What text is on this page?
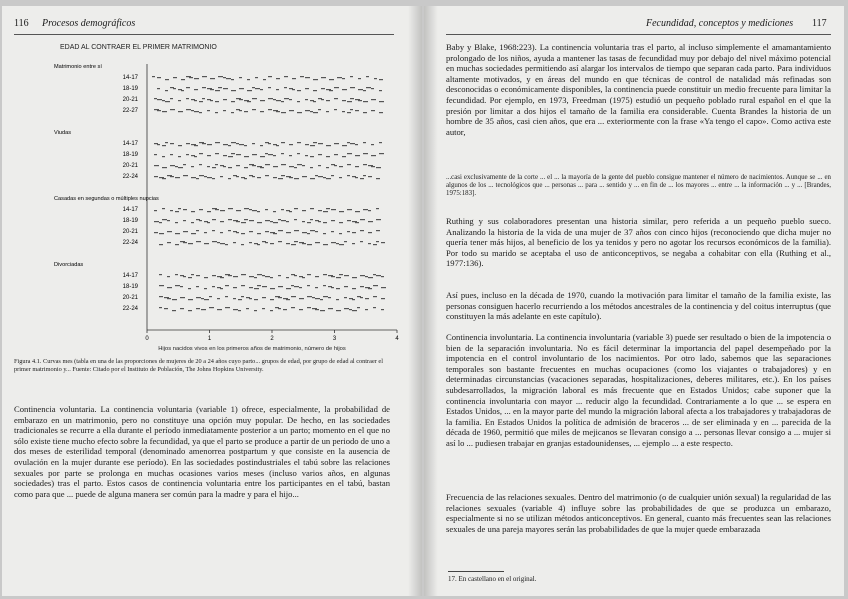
116 Procesos demográficos
EDAD AL CONTRAER EL PRIMER MATRIMONIO
Matrimonio entre sí
14-17
18-19
20-21
22-27
Viudas
14-17
18-19
20-21
22-24
Casadas en segundas o múltiples nupcias
14-17
18-19
20-21
22-24
Divorciadas
14-17
18-19
20-21
22-24
0	1	2	3	4
Hijos nacidos vivos en los primeros años de matrimonio, número de hijos

Figura 4.1. Curvas mes (tabla en una de las proporciones de mujeres de 20 a 24 años cuyo parto... grupos de edad, por grupo de edad al contraer el primer matrimonio y... Fuente: Citado por el Instituto de Población, The Johns Hopkins University.

Continencia voluntaria. La continencia voluntaria (variable 1) ofrece, especialmente, la probabilidad de embarazo en un matrimonio, pero no constituye una opción muy popular. De hecho, en las sociedades tradicionales se recurre a ella durante el período inmediatamente posterior a un parto; momento en el que no sólo existe tiene mucho efecto sobre la fecundidad, ya que el parto se produce a partir de un periodo de uno a dos meses de esterilidad temporal (denominado amenorrea postpartum y que consiste en la ausencia de ovulación en la mujer durante ese período). En las sociedades postindustriales el tabú sobre las relaciones sexuales por parte se prolonga en muchas ocasiones varios meses (incluso varios años, en algunas sociedades) tras el parto. Estos casos de continencia voluntaria entre los participantes en el tabú, bastan como para que ... puede de alguna manera ser común para la madre y para el hijo...

Fecundidad, conceptos y mediciones 117

Baby y Blake, 1968:223). La continencia voluntaria tras el parto, al incluso simplemente el amamantamiento prolongado de los niños, ayuda a mantener las tasas de fecundidad muy por debajo del nivel máximo potencial en muchas sociedades permitiendo así alargar los intervalos de tiempo que separan cada parto. Para individuos altamente motivados, y en áreas del mundo en que técnicas de control de natalidad más refinadas son desconocidas o económicamente disponibles, la continencia puede constituir un medio frecuente para limitar la fecundidad. Por ejemplo, en 1973, Freedman (1975) estudió un pequeño poblado rural español en el que la presión por limitar a dos hijos el tamaño de la familia era considerable. Cuenta Brandes la historia de un hombre de 35 años, casi cien años, que era ... exteriormente con la frase «Ya tengo el capo». Como activa este autor,

...casi exclusivamente de la corte ... el ... la mayoría de la gente del pueblo consigue mantener el número de nacimientos. Aunque se ... en algunos de los ... tecnológicos que ... personas ... para ... sentido y ... en fin de ... los mayores ... entre ... la información ... y ... [Brandes, 1975:183].

Ruthing y sus colaboradores presentan una historia similar, pero referida a un pequeño pueblo sueco. Analizando la historia de la vida de una mujer de 37 años con cinco hijos (reconociendo que dicha mujer no quería tener más hijos, al beneficio de los ya tenidos y pero no agotar los recursos económicos de la familia). Por todo su marido se aceptaba el uso de anticonceptivos, se negaba a cohabitar con ella (Ruthing et al., 1977:136).

Así pues, incluso en la década de 1970, cuando la motivación para limitar el tamaño de la familia existe, las personas consiguen hacerlo recurriendo a los métodos ancestrales de la continencia y del coitus interruptus (que constituyen la más adelante en este capítulo).

Continencia involuntaria. La continencia involuntaria (variable 3) puede ser resultado o bien de la impotencia o bien de la separación involuntaria. No es fácil determinar la importancia del papel desempeñado por la impotencia en el control involuntario de los nacimientos. Por otro lado, sabemos que las separaciones temporales son bastante frecuentes en muchas ocupaciones (como los viajantes o trabajadores) y en determinadas circunstancias (vacaciones separadas, hospitalizaciones, deberes militares, etc.). En los países subdesarrollados, la migración laboral es más frecuente que en Estados Unidos; cabe suponer que la continencia involuntaria con mayor ... reducir algo la fecundidad. Contrariamente a lo que ... se espera en Estados Unidos, ... en la mayor parte del mundo la migración laboral afecta a los trabajadores y trabajadoras de la familia. En Estados Unidos la política de admisión de braceros ... de ser eliminada y en ... parecida de la década de 1960, permitió que miles de mejicanos se llevaran consigo a ... personas llevar consigo a ... mujer si así lo ... pudiesen trabajar en granjas estadounidenses, ... ejemplo ... a este respecto.

Frecuencia de las relaciones sexuales. Dentro del matrimonio (o de cualquier unión sexual) la regularidad de las relaciones sexuales (variable 4) influye sobre las probabilidades de que se produzca un embarazo, especialmente si no se utilizan métodos anticonceptivos. En general, cuanto más frecuentes sean las relaciones sexuales de una pareja mayores serán las probabilidades de que la mujer quede embarazada

17. En castellano en el original.
